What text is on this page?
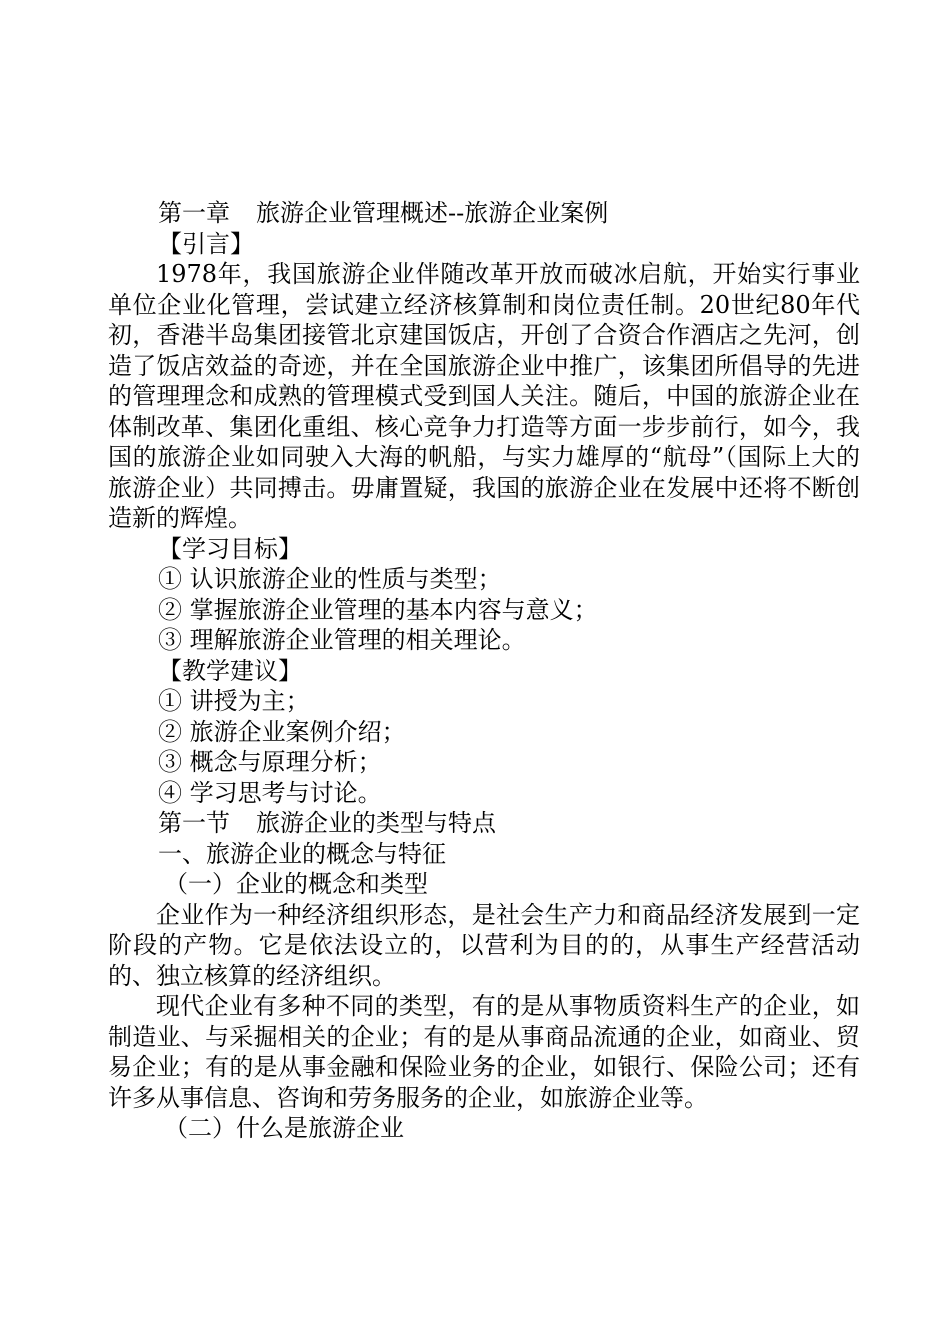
第一章 旅游企业管理概述--旅游企业案例

【引言】

1978年，我国旅游企业伴随改革开放而破冰启航，开始实行事业单位企业化管理，尝试建立经济核算制和岗位责任制。20世纪80年代初，香港半岛集团接管北京建国饭店，开创了合资合作酒店之先河，创造了饭店效益的奇迹，并在全国旅游企业中推广，该集团所倡导的先进的管理理念和成熟的管理模式受到国人关注。随后，中国的旅游企业在体制改革、集团化重组、核心竞争力打造等方面一步步前行，如今，我国的旅游企业如同驶入大海的帆船，与实力雄厚的“航母”（国际上大的旅游企业）共同搏击。毋庸置疑，我国的旅游企业在发展中还将不断创造新的辉煌。

【学习目标】

① 认识旅游企业的性质与类型；

② 掌握旅游企业管理的基本内容与意义；

③ 理解旅游企业管理的相关理论。

【教学建议】

① 讲授为主；

② 旅游企业案例介绍；

③ 概念与原理分析；

④ 学习思考与讨论。

第一节 旅游企业的类型与特点

一、旅游企业的概念与特征

（一）企业的概念和类型

企业作为一种经济组织形态，是社会生产力和商品经济发展到一定阶段的产物。它是依法设立的，以营利为目的的，从事生产经营活动的、独立核算的经济组织。

现代企业有多种不同的类型，有的是从事物质资料生产的企业，如制造业、与采掘相关的企业；有的是从事商品流通的企业，如商业、贸易企业；有的是从事金融和保险业务的企业，如银行、保险公司；还有许多从事信息、咨询和劳务服务的企业，如旅游企业等。

（二）什么是旅游企业
